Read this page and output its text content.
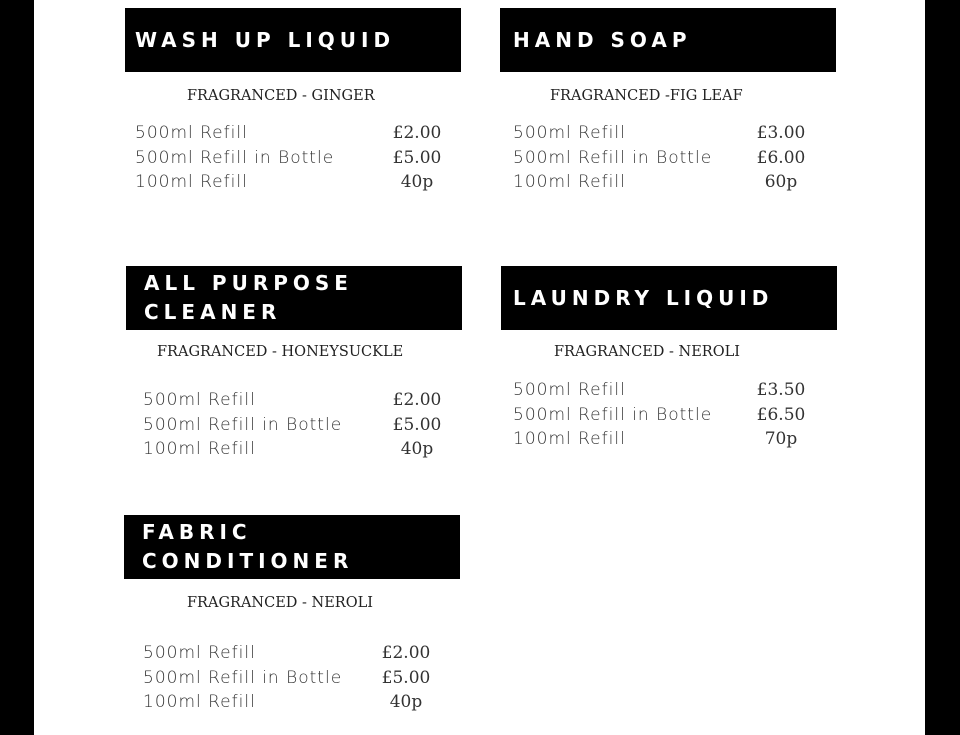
WASH UP LIQUID
FRAGRANCED - GINGER
500ml Refill	£2.00
500ml Refill in Bottle	£5.00
100ml Refill	40p
HAND SOAP
FRAGRANCED -FIG LEAF
500ml Refill	£3.00
500ml Refill in Bottle	£6.00
100ml Refill	60p
ALL PURPOSE
CLEANER
FRAGRANCED - HONEYSUCKLE
500ml Refill	£2.00
500ml Refill in Bottle	£5.00
100ml Refill	40p
LAUNDRY LIQUID
FRAGRANCED - NEROLI
500ml Refill	£3.50
500ml Refill in Bottle	£6.50
100ml Refill	70p
FABRIC
CONDITIONER
FRAGRANCED - NEROLI
500ml Refill	£2.00
500ml Refill in Bottle	£5.00
100ml Refill	40p
